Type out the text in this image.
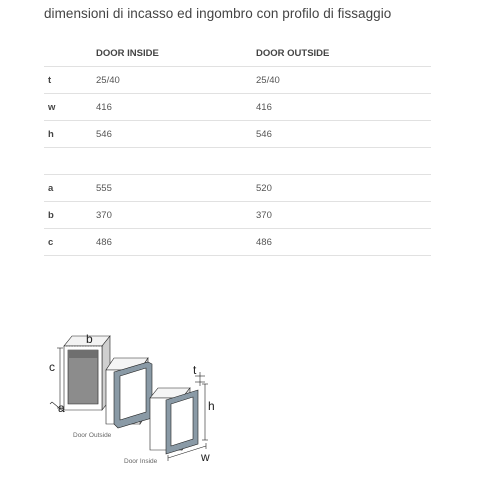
dimensioni di incasso ed ingombro con profilo di fissaggio
	DOOR INSIDE	DOOR OUTSIDE
t	25/40	25/40
w	416	416
h	546	546

a	555	520
b	370	370
c	486	486
b
c
a
Door Outside
Door Inside
t
h
w
